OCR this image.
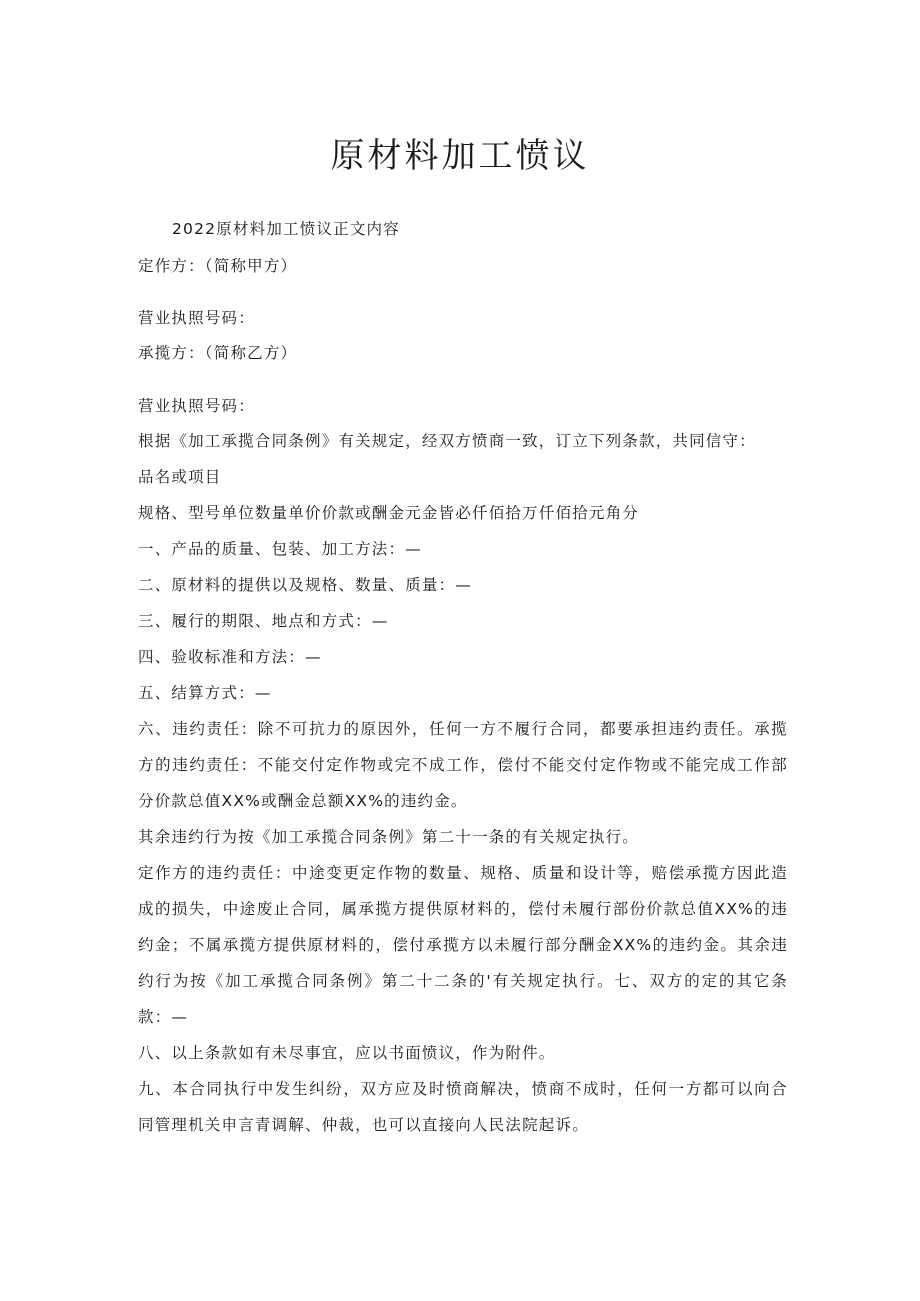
原材料加工愤议

2022原材料加工愤议正文内容

定作方：（简称甲方）

营业执照号码：

承揽方：（简称乙方）

营业执照号码：

根据《加工承揽合同条例》有关规定，经双方愤商一致，订立下列条款，共同信守：

品名或项目

规格、型号单位数量单价价款或酬金元金皆必仟佰拾万仟佰拾元角分

一、产品的质量、包装、加工方法：—

二、原材料的提供以及规格、数量、质量：—

三、履行的期限、地点和方式：—

四、验收标准和方法：—

五、结算方式：—

六、违约责任：除不可抗力的原因外，任何一方不履行合同，都要承担违约责任。承揽

方的违约责任：不能交付定作物或完不成工作，偿付不能交付定作物或不能完成工作部

分价款总值XX%或酬金总额XX%的违约金。

其余违约行为按《加工承揽合同条例》第二十一条的有关规定执行。

定作方的违约责任：中途变更定作物的数量、规格、质量和设计等，赔偿承揽方因此造

成的损失，中途废止合同，属承揽方提供原材料的，偿付未履行部份价款总值XX%的违

约金；不属承揽方提供原材料的，偿付承揽方以未履行部分酬金XX%的违约金。其余违

约行为按《加工承揽合同条例》第二十二条的'有关规定执行。七、双方的定的其它条

款：—

八、以上条款如有未尽事宜，应以书面愤议，作为附件。

九、本合同执行中发生纠纷，双方应及时愤商解决，愤商不成时，任何一方都可以向合

同管理机关申言青调解、仲裁，也可以直接向人民法院起诉。
